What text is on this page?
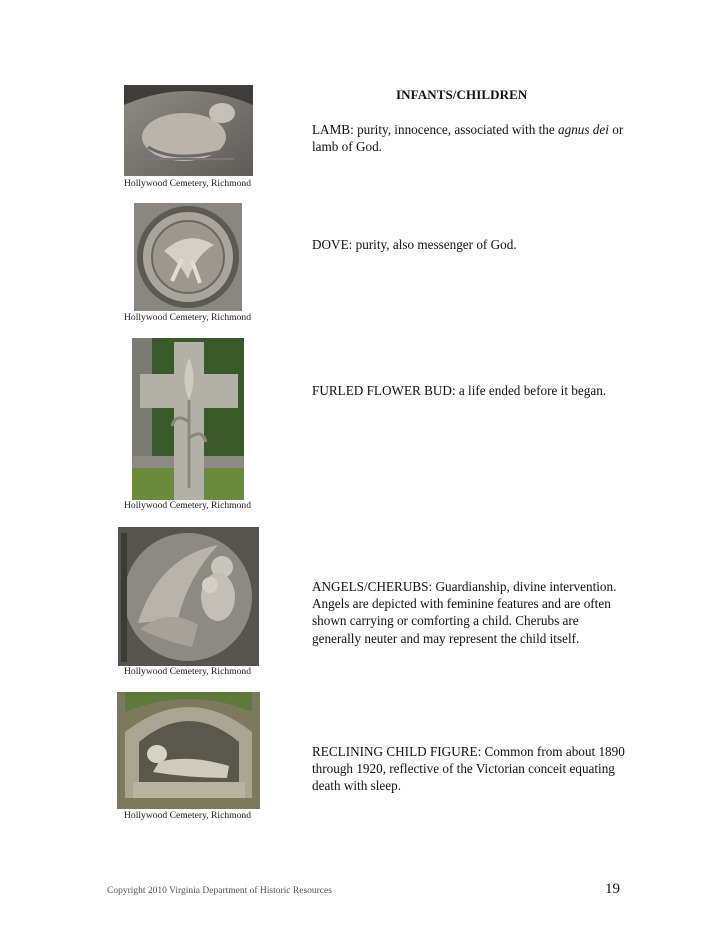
INFANTS/CHILDREN
Hollywood Cemetery, Richmond
LAMB: purity, innocence, associated with the agnus dei or lamb of God.
Hollywood Cemetery, Richmond
DOVE: purity, also messenger of God.
Hollywood Cemetery, Richmond
FURLED FLOWER BUD: a life ended before it began.
Hollywood Cemetery, Richmond
ANGELS/CHERUBS: Guardianship, divine intervention. Angels are depicted with feminine features and are often shown carrying or comforting a child. Cherubs are generally neuter and may represent the child itself.
Hollywood Cemetery, Richmond
RECLINING CHILD FIGURE: Common from about 1890 through 1920, reflective of the Victorian conceit equating death with sleep.
Copyright 2010 Virginia Department of Historic Resources	19
